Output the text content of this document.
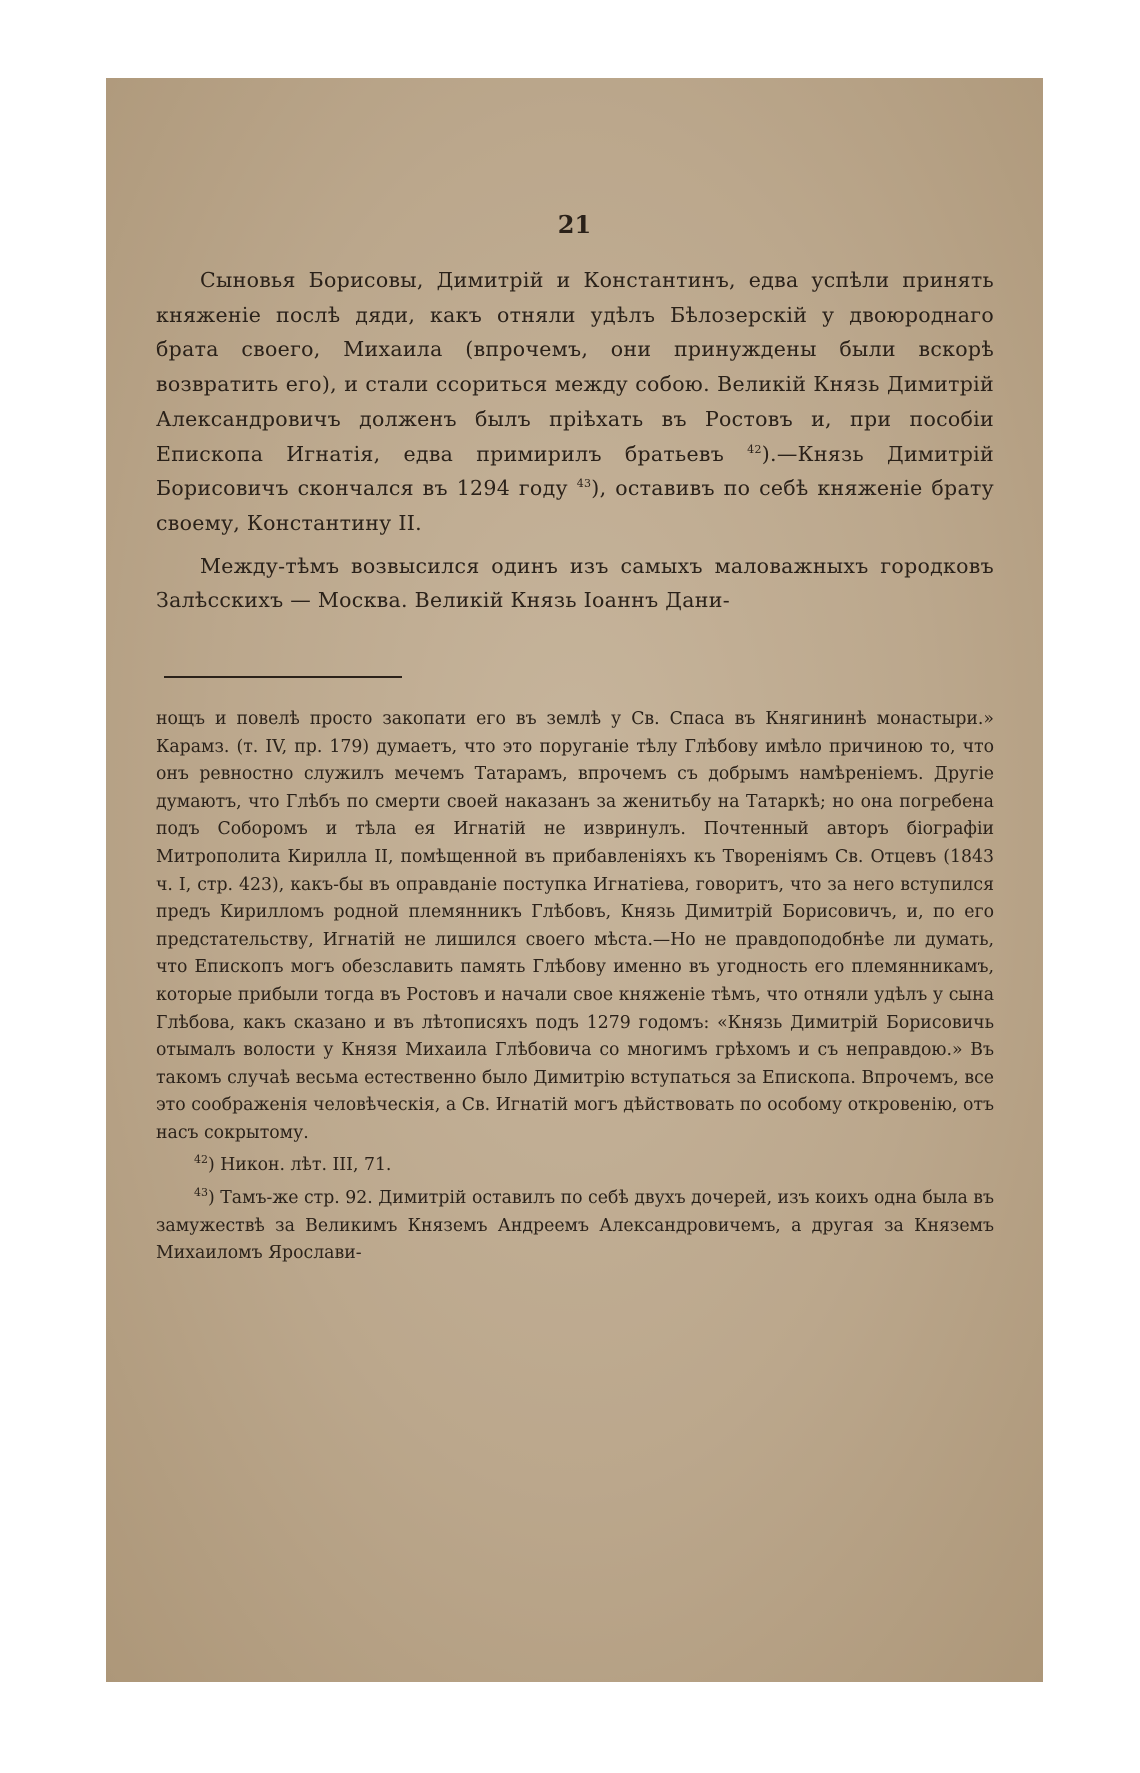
21

Сыновья Борисовы, Димитрій и Константинъ, едва успѣли принять княженіе послѣ дяди, какъ отняли удѣлъ Бѣлозерскій у двоюроднаго брата своего, Михаила (впрочемъ, они принуждены были вскорѣ возвратить его), и стали ссориться между собою. Великій Князь Димитрій Александровичъ долженъ былъ пріѣхать въ Ростовъ и, при пособіи Епископа Игнатія, едва примирилъ братьевъ $^{42}$).—Князь Димитрій Борисовичъ скончался въ 1294 году $^{43}$), оставивъ по себѣ княженіе брату своему, Константину II.

Между-тѣмъ возвысился одинъ изъ самыхъ маловажныхъ городковъ Залѣсскихъ — Москва. Великій Князь Іоаннъ Дани-

нощъ и повелѣ просто закопати его въ землѣ у Св. Спаса въ Княгининѣ монастыри.» Карамз. (т. IV, пр. 179) думаетъ, что это поруганіе тѣлу Глѣбову имѣло причиною то, что онъ ревностно служилъ мечемъ Татарамъ, впрочемъ съ добрымъ намѣреніемъ. Другіе думаютъ, что Глѣбъ по смерти своей наказанъ за женитьбу на Татаркѣ; но она погребена подъ Соборомъ и тѣла ея Игнатій не извринулъ. Почтенный авторъ біографіи Митрополита Кирилла II, помѣщенной въ прибавленіяхъ къ Твореніямъ Св. Отцевъ (1843 ч. I, стр. 423), какъ-бы въ оправданіе поступка Игнатіева, говоритъ, что за него вступился предъ Кирилломъ родной племянникъ Глѣбовъ, Князь Димитрій Борисовичъ, и, по его предстательству, Игнатій не лишился своего мѣста.—Но не правдоподобнѣе ли думать, что Епископъ могъ обезславить память Глѣбову именно въ угодность его племянникамъ, которые прибыли тогда въ Ростовъ и начали свое княженіе тѣмъ, что отняли удѣлъ у сына Глѣбова, какъ сказано и въ лѣтописяхъ подъ 1279 годомъ: «Князь Димитрій Борисовичь отымалъ волости у Князя Михаила Глѣбовича со многимъ грѣхомъ и съ неправдою.» Въ такомъ случаѣ весьма естественно было Димитрію вступаться за Епископа. Впрочемъ, все это соображенія человѣческія, а Св. Игнатій могъ дѣйствовать по особому откровенію, отъ насъ сокрытому.

$^{42}$) Никон. лѣт. III, 71.

$^{43}$) Тамъ-же стр. 92. Димитрій оставилъ по себѣ двухъ дочерей, изъ коихъ одна была въ замужествѣ за Великимъ Княземъ Андреемъ Александровичемъ, а другая за Княземъ Михаиломъ Ярослави-
